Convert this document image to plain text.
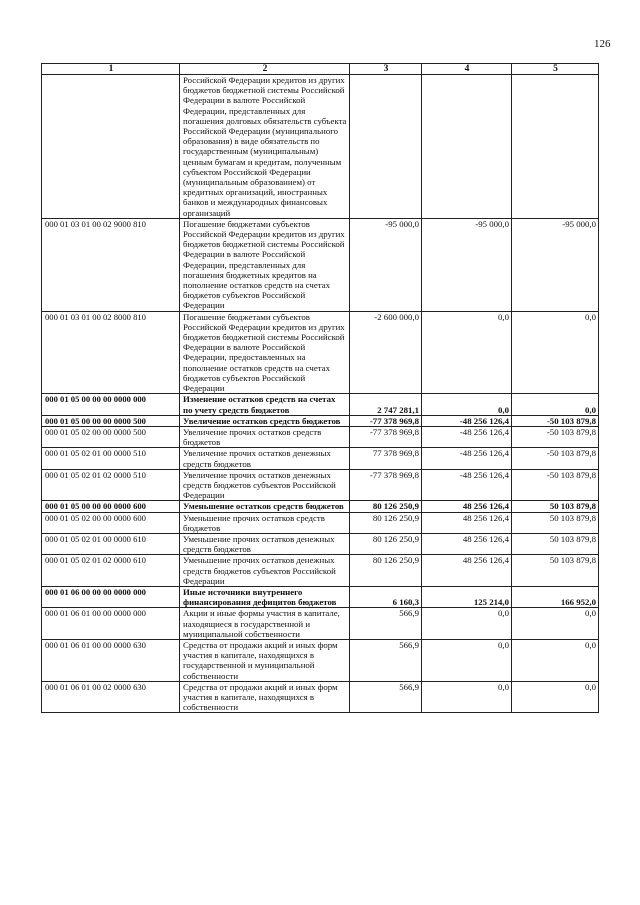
126
1	2	3	4	5
	Российской Федерации кредитов из других бюджетов бюджетной системы Российской Федерации в валюте Российской Федерации, представленных для погашения долговых обязательств субъекта Российской Федерации (муниципального образования) в виде обязательств по государственным (муниципальным) ценным бумагам и кредитам, полученным субъектом Российской Федерации (муниципальным образованием) от кредитных организаций, иностранных банков и международных финансовых организаций			
000 01 03 01 00 02 9000 810	Погашение бюджетами субъектов Российской Федерации кредитов из других бюджетов бюджетной системы Российской Федерации в валюте Российской Федерации, представленных для погашения бюджетных кредитов на пополнение остатков средств на счетах бюджетов субъектов Российской Федерации	-95 000,0	-95 000,0	-95 000,0
000 01 03 01 00 02 8000 810	Погашение бюджетами субъектов Российской Федерации кредитов из других бюджетов бюджетной системы Российской Федерации в валюте Российской Федерации, предоставленных на пополнение остатков средств на счетах бюджетов субъектов Российской Федерации	-2 600 000,0	0,0	0,0
000 01 05 00 00 00 0000 000	Изменение остатков средств на счетах по учету средств бюджетов	2 747 281,1	0,0	0,0
000 01 05 00 00 00 0000 500	Увеличение остатков средств бюджетов	-77 378 969,8	-48 256 126,4	-50 103 879,8
000 01 05 02 00 00 0000 500	Увеличение прочих остатков средств бюджетов	-77 378 969,8	-48 256 126,4	-50 103 879,8
000 01 05 02 01 00 0000 510	Увеличение прочих остатков денежных средств бюджетов	77 378 969,8	-48 256 126,4	-50 103 879,8
000 01 05 02 01 02 0000 510	Увеличение прочих остатков денежных средств бюджетов субъектов Российской Федерации	-77 378 969,8	-48 256 126,4	-50 103 879,8
000 01 05 00 00 00 0000 600	Уменьшение остатков средств бюджетов	80 126 250,9	48 256 126,4	50 103 879,8
000 01 05 02 00 00 0000 600	Уменьшение прочих остатков средств бюджетов	80 126 250,9	48 256 126,4	50 103 879,8
000 01 05 02 01 00 0000 610	Уменьшение прочих остатков денежных средств бюджетов	80 126 250,9	48 256 126,4	50 103 879,8
000 01 05 02 01 02 0000 610	Уменьшение прочих остатков денежных средств бюджетов субъектов Российской Федерации	80 126 250,9	48 256 126,4	50 103 879,8
000 01 06 00 00 00 0000 000	Иные источники внутреннего финансирования дефицитов бюджетов	6 160,3	125 214,0	166 952,0
000 01 06 01 00 00 0000 000	Акции и иные формы участия в капитале, находящиеся в государственной и муниципальной собственности	566,9	0,0	0,0
000 01 06 01 00 00 0000 630	Средства от продажи акций и иных форм участия в капитале, находящихся в государственной и муниципальной собственности	566,9	0,0	0,0
000 01 06 01 00 02 0000 630	Средства от продажи акций и иных форм участия в капитале, находящихся в собственности	566,9	0,0	0,0
